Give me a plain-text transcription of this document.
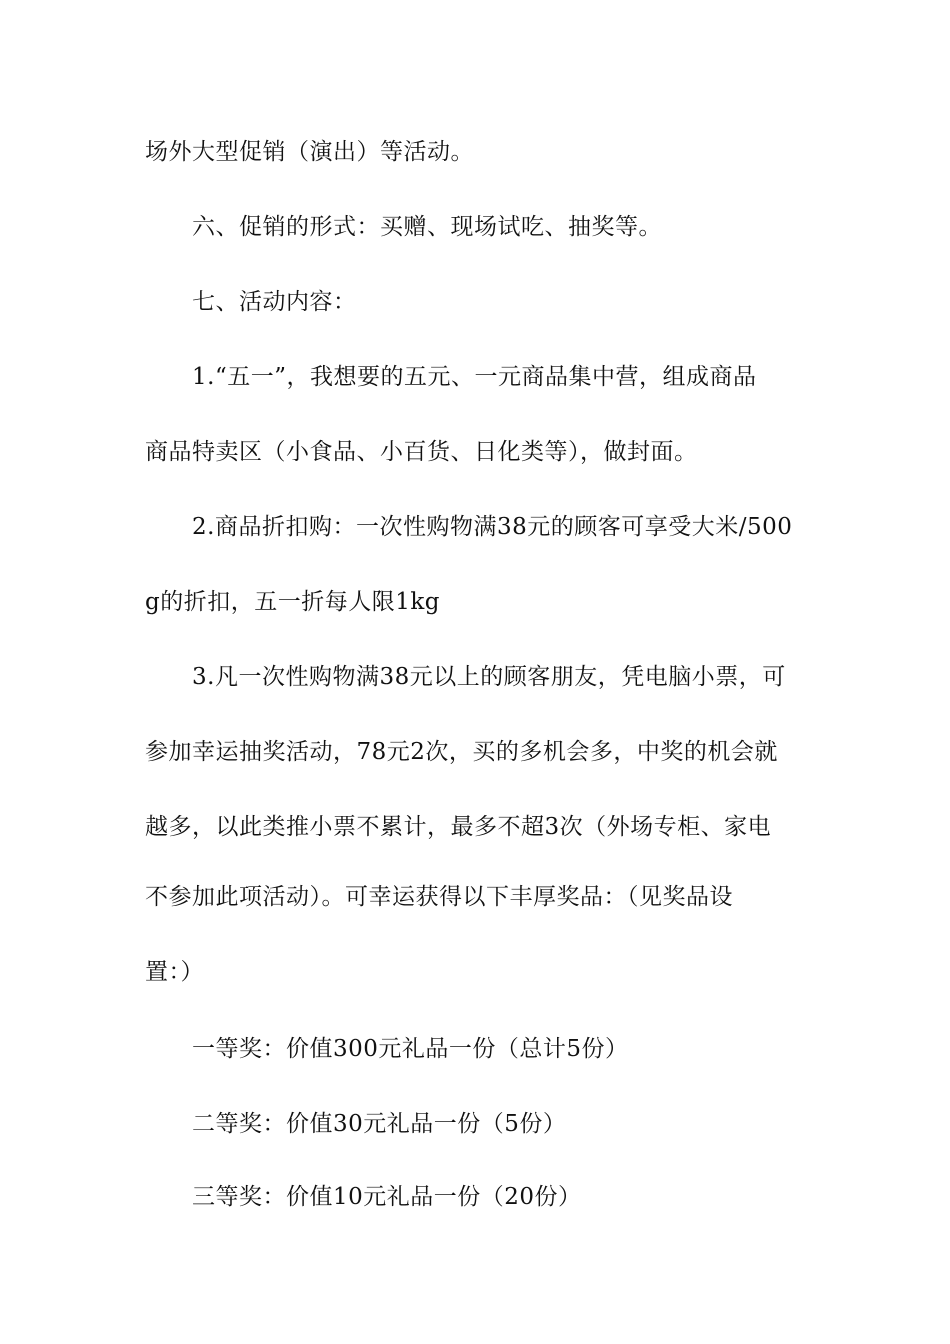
场外大型促销（演出）等活动。
六、促销的形式：买赠、现场试吃、抽奖等。
七、活动内容：
1.“五一”，我想要的五元、一元商品集中营，组成商品
商品特卖区（小食品、小百货、日化类等），做封面。
2.商品折扣购：一次性购物满38元的顾客可享受大米/500
g的折扣，五一折每人限1kg
3.凡一次性购物满38元以上的顾客朋友，凭电脑小票，可
参加幸运抽奖活动，78元2次，买的多机会多，中奖的机会就
越多，以此类推小票不累计，最多不超3次（外场专柜、家电
不参加此项活动）。可幸运获得以下丰厚奖品：（见奖品设
置：）
一等奖：价值300元礼品一份（总计5份）
二等奖：价值30元礼品一份（5份）
三等奖：价值10元礼品一份（20份）
